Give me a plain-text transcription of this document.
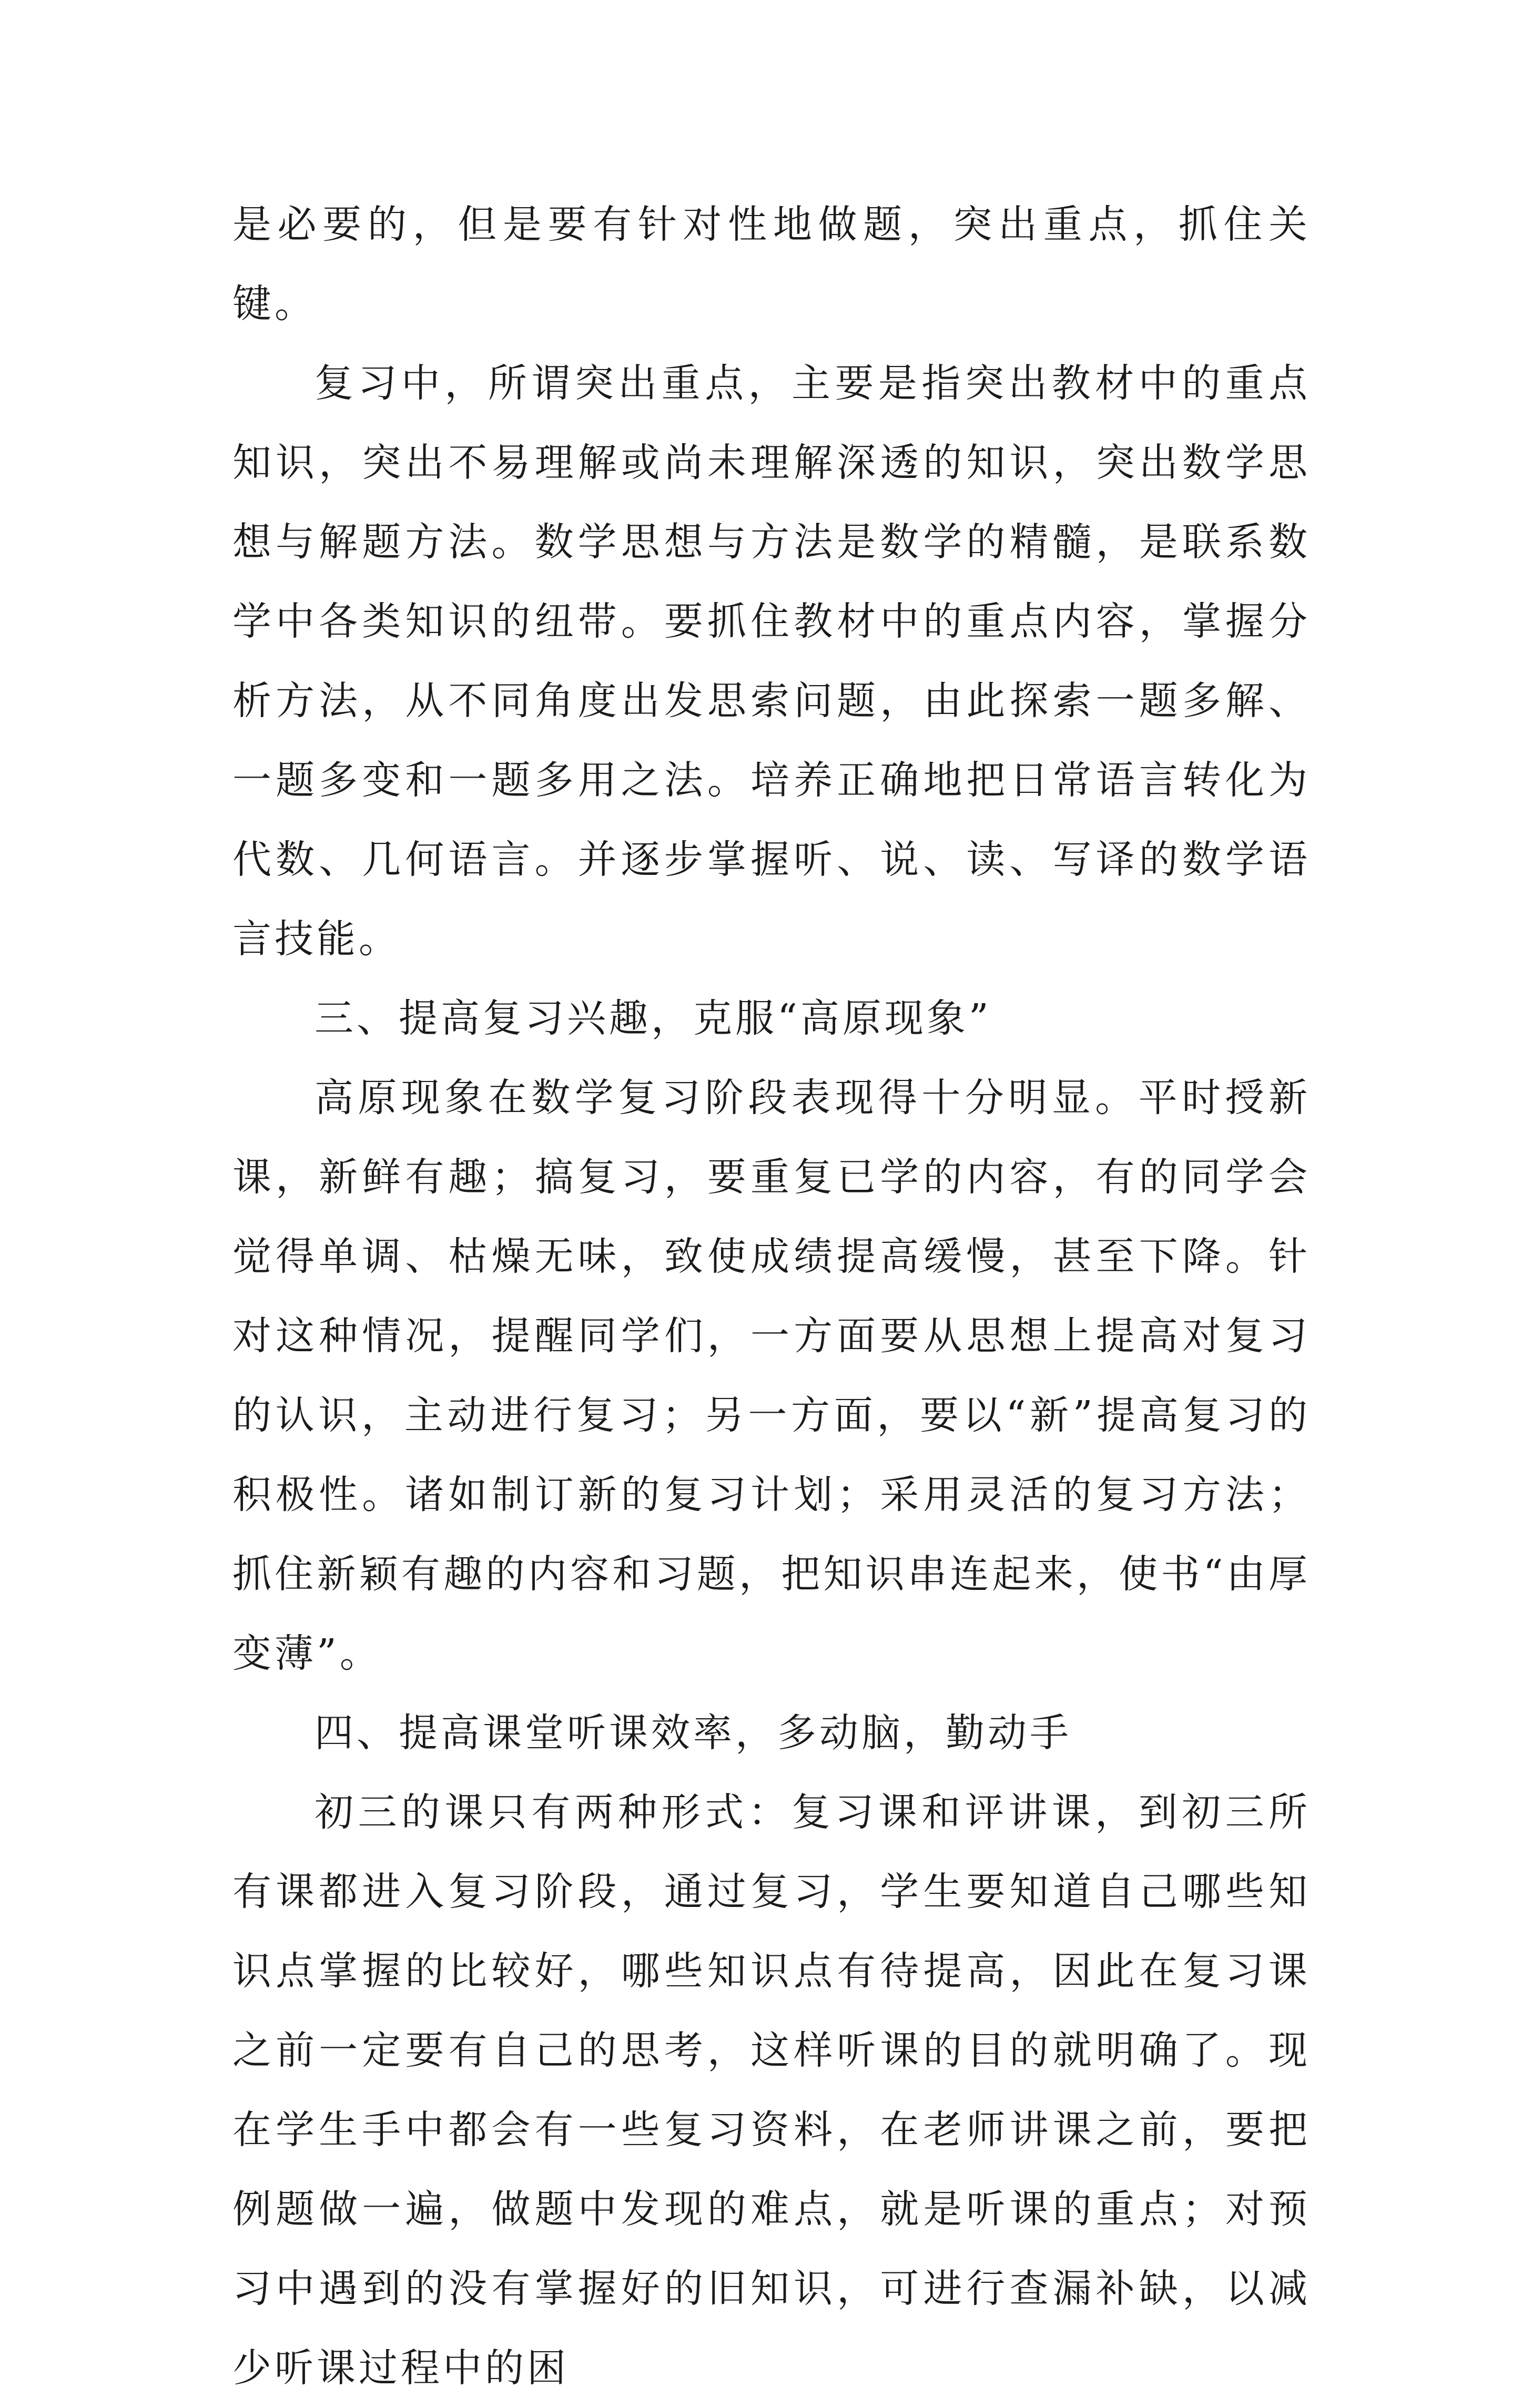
是必要的，但是要有针对性地做题，突出重点，抓住关键。

复习中，所谓突出重点，主要是指突出教材中的重点知识，突出不易理解或尚未理解深透的知识，突出数学思想与解题方法。数学思想与方法是数学的精髓，是联系数学中各类知识的纽带。要抓住教材中的重点内容，掌握分析方法，从不同角度出发思索问题，由此探索一题多解、一题多变和一题多用之法。培养正确地把日常语言转化为代数、几何语言。并逐步掌握听、说、读、写译的数学语言技能。

三、提高复习兴趣，克服“高原现象”

高原现象在数学复习阶段表现得十分明显。平时授新课，新鲜有趣；搞复习，要重复已学的内容，有的同学会觉得单调、枯燥无味，致使成绩提高缓慢，甚至下降。针对这种情况，提醒同学们，一方面要从思想上提高对复习的认识，主动进行复习；另一方面，要以“新”提高复习的积极性。诸如制订新的复习计划；采用灵活的复习方法；抓住新颖有趣的内容和习题，把知识串连起来，使书“由厚变薄”。

四、提高课堂听课效率，多动脑，勤动手

初三的课只有两种形式：复习课和评讲课，到初三所有课都进入复习阶段，通过复习，学生要知道自己哪些知识点掌握的比较好，哪些知识点有待提高，因此在复习课之前一定要有自己的思考，这样听课的目的就明确了。现在学生手中都会有一些复习资料，在老师讲课之前，要把例题做一遍，做题中发现的难点，就是听课的重点；对预习中遇到的没有掌握好的旧知识，可进行查漏补缺，以减少听课过程中的困
